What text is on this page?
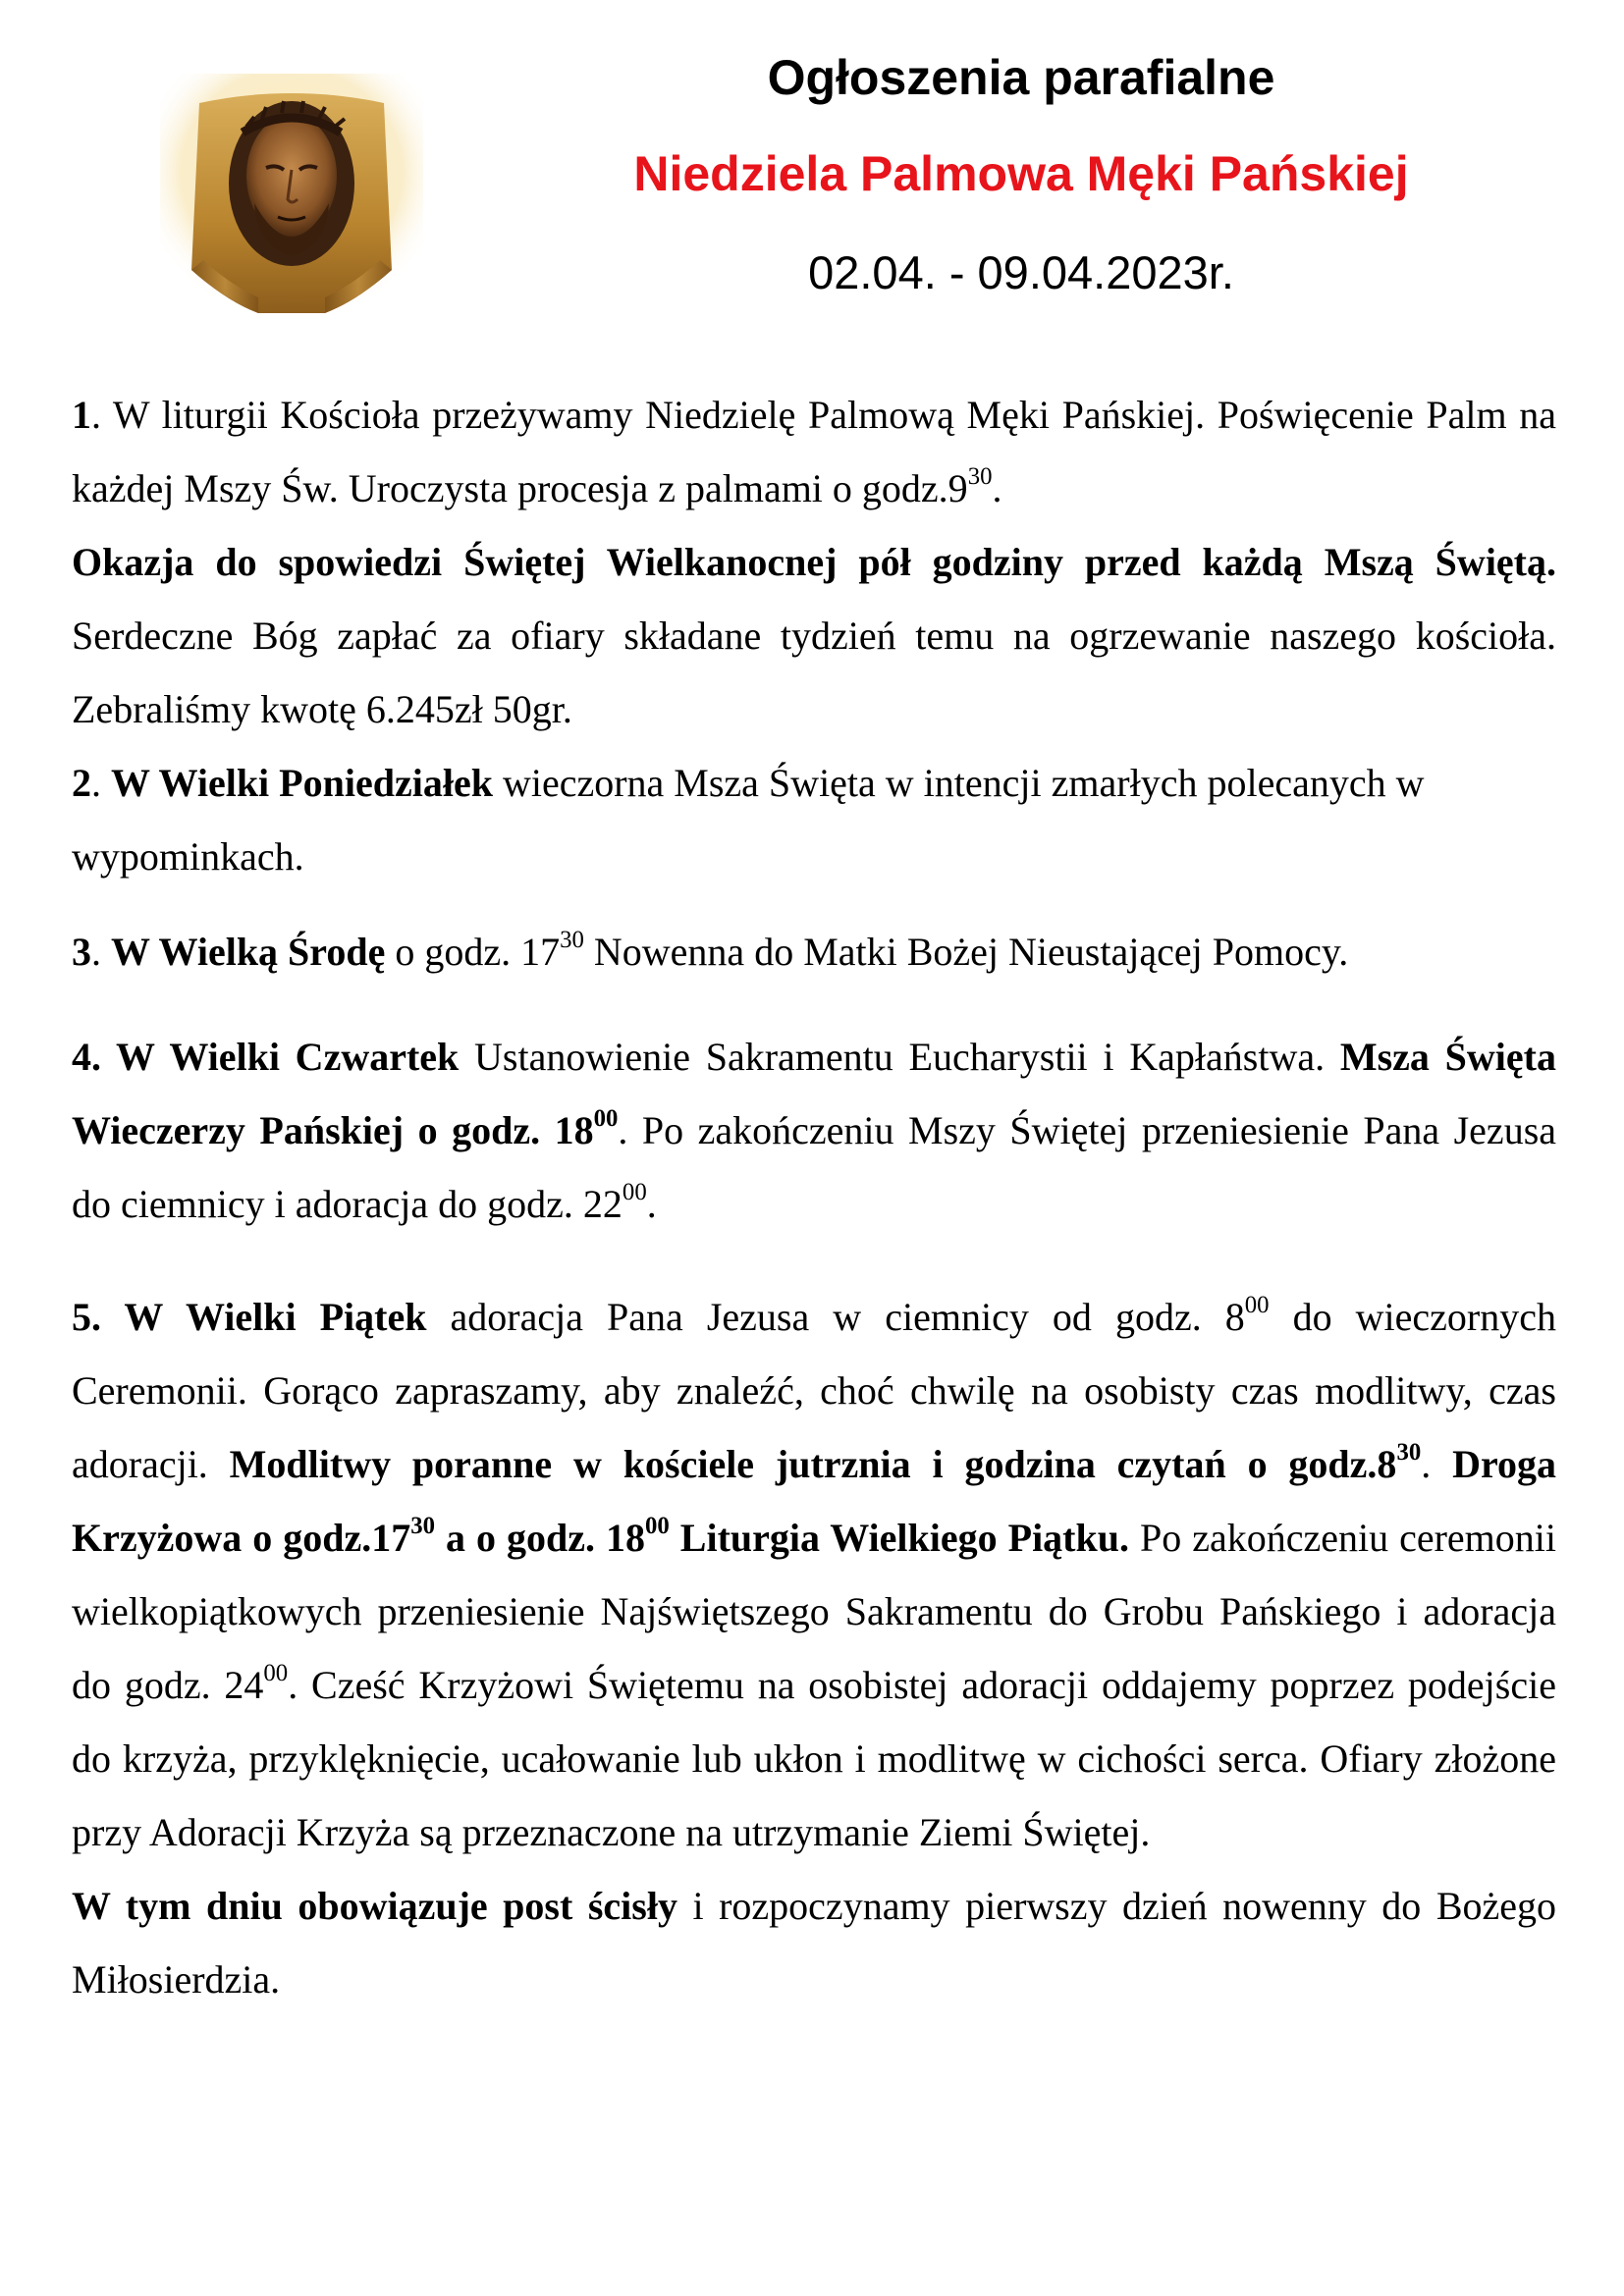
Ogłoszenia parafialne
Niedziela Palmowa Męki Pańskiej
02.04. - 09.04.2023r.

1. W liturgii Kościoła przeżywamy Niedzielę Palmową Męki Pańskiej. Poświęcenie Palm na każdej Mszy Św. Uroczysta procesja z palmami o $godz.9^{30}$.

Okazja do spowiedzi Świętej Wielkanocnej pół godziny przed każdą Mszą Świętą. Serdeczne Bóg zapłać za ofiary składane tydzień temu na ogrzewanie naszego kościoła. Zebraliśmy kwotę 6.245zł 50gr.

2. W Wielki Poniedziałek wieczorna Msza Święta w intencji zmarłych polecanych w wypominkach.

3. W Wielką Środę o godz. $17^{30}$ Nowenna do Matki Bożej Nieustającej Pomocy.

4. W Wielki Czwartek Ustanowienie Sakramentu Eucharystii i Kapłaństwa. Msza Święta Wieczerzy Pańskiej o godz. $18^{00}$. Po zakończeniu Mszy Świętej przeniesienie Pana Jezusa do ciemnicy i adoracja do godz. $22^{00}$.

5. W Wielki Piątek adoracja Pana Jezusa w ciemnicy od godz. $8^{00}$ do wieczornych Ceremonii. Gorąco zapraszamy, aby znaleźć, choć chwilę na osobisty czas modlitwy, czas adoracji. Modlitwy poranne w kościele jutrznia i godzina czytań o $godz.8^{30}$. Droga Krzyżowa o $godz.17^{30}$ a o godz. $18^{00}$ Liturgia Wielkiego Piątku. Po zakończeniu ceremonii wielkopiątkowych przeniesienie Najświętszego Sakramentu do Grobu Pańskiego i adoracja do godz. $24^{00}$. Cześć Krzyżowi Świętemu na osobistej adoracji oddajemy poprzez podejście do krzyża, przyklęknięcie, ucałowanie lub ukłon i modlitwę w cichości serca. Ofiary złożone przy Adoracji Krzyża są przeznaczone na utrzymanie Ziemi Świętej.

W tym dniu obowiązuje post ścisły i rozpoczynamy pierwszy dzień nowenny do Bożego Miłosierdzia.
